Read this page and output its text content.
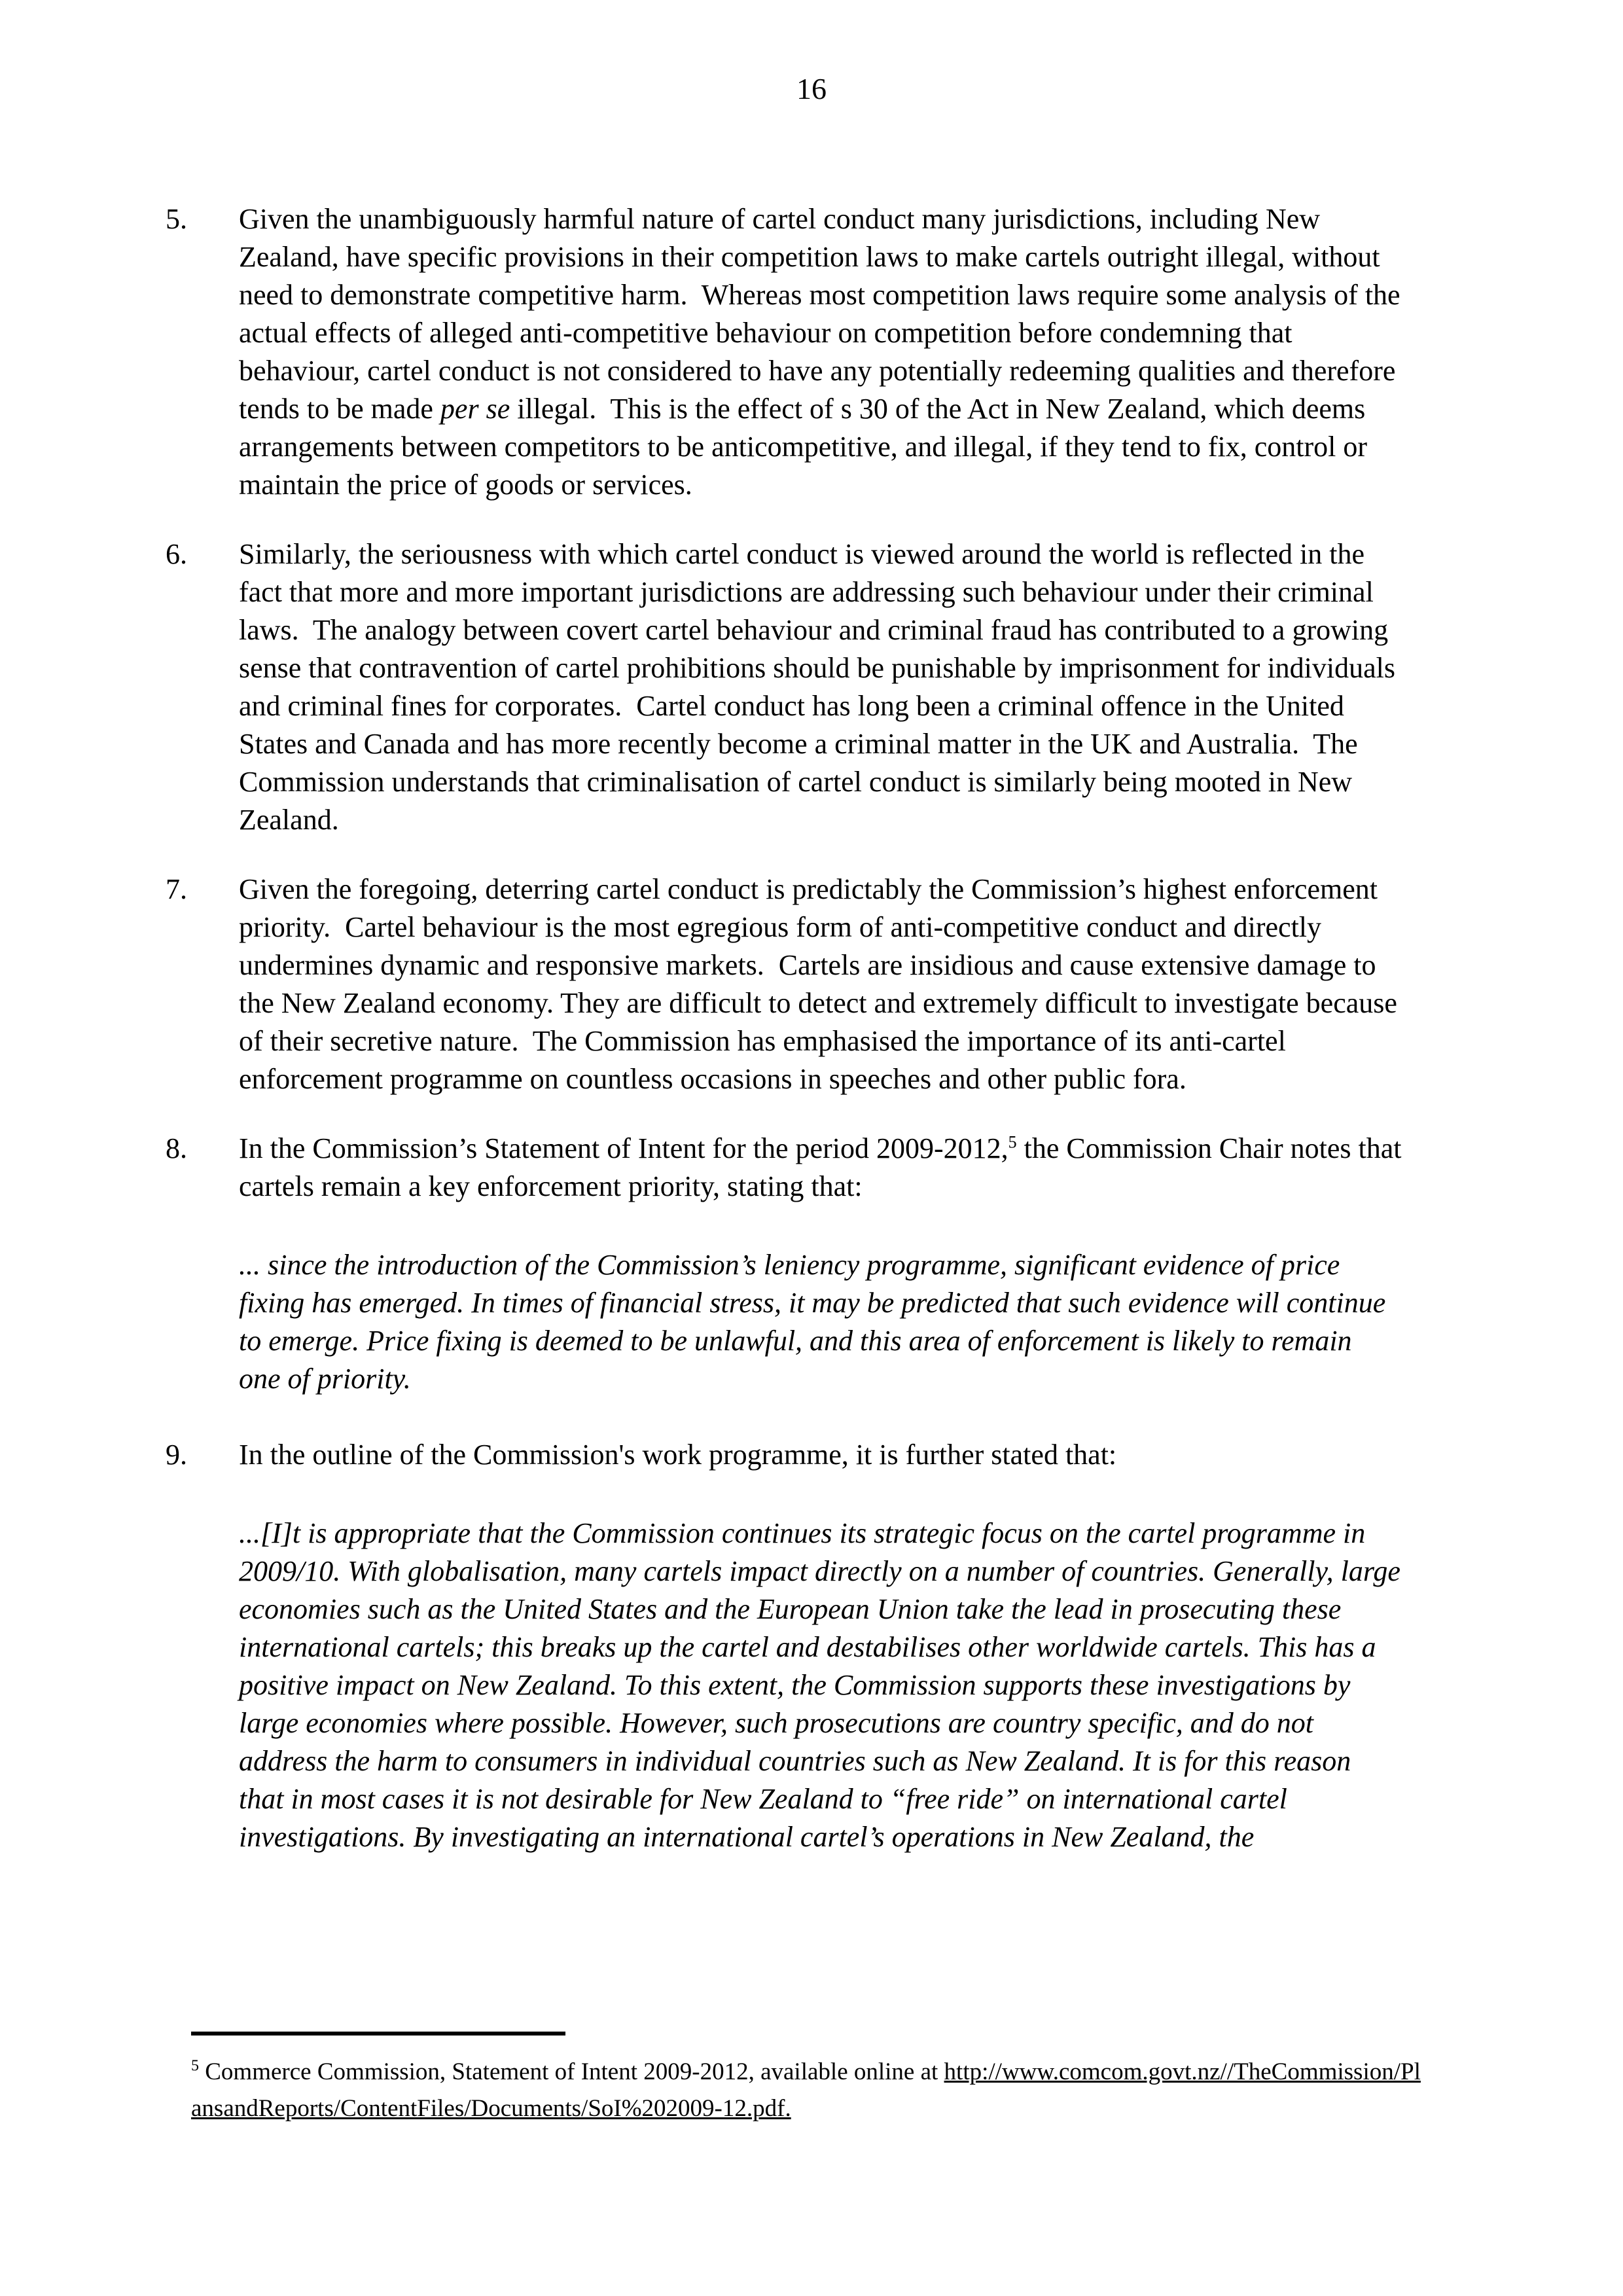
16
5.	Given the unambiguously harmful nature of cartel conduct many jurisdictions, including New Zealand, have specific provisions in their competition laws to make cartels outright illegal, without need to demonstrate competitive harm.  Whereas most competition laws require some analysis of the actual effects of alleged anti-competitive behaviour on competition before condemning that behaviour, cartel conduct is not considered to have any potentially redeeming qualities and therefore tends to be made per se illegal.  This is the effect of s 30 of the Act in New Zealand, which deems arrangements between competitors to be anticompetitive, and illegal, if they tend to fix, control or maintain the price of goods or services.
6.	Similarly, the seriousness with which cartel conduct is viewed around the world is reflected in the fact that more and more important jurisdictions are addressing such behaviour under their criminal laws.  The analogy between covert cartel behaviour and criminal fraud has contributed to a growing sense that contravention of cartel prohibitions should be punishable by imprisonment for individuals and criminal fines for corporates.  Cartel conduct has long been a criminal offence in the United States and Canada and has more recently become a criminal matter in the UK and Australia.  The Commission understands that criminalisation of cartel conduct is similarly being mooted in New Zealand.
7.	Given the foregoing, deterring cartel conduct is predictably the Commission’s highest enforcement priority.  Cartel behaviour is the most egregious form of anti-competitive conduct and directly undermines dynamic and responsive markets.  Cartels are insidious and cause extensive damage to the New Zealand economy. They are difficult to detect and extremely difficult to investigate because of their secretive nature.  The Commission has emphasised the importance of its anti-cartel enforcement programme on countless occasions in speeches and other public fora.
8.	In the Commission’s Statement of Intent for the period 2009-2012,$^5$ the Commission Chair notes that cartels remain a key enforcement priority, stating that:
... since the introduction of the Commission’s leniency programme, significant evidence of price fixing has emerged. In times of financial stress, it may be predicted that such evidence will continue to emerge. Price fixing is deemed to be unlawful, and this area of enforcement is likely to remain one of priority.
9.	In the outline of the Commission's work programme, it is further stated that:
...[I]t is appropriate that the Commission continues its strategic focus on the cartel programme in 2009/10. With globalisation, many cartels impact directly on a number of countries. Generally, large economies such as the United States and the European Union take the lead in prosecuting these international cartels; this breaks up the cartel and destabilises other worldwide cartels. This has a positive impact on New Zealand. To this extent, the Commission supports these investigations by large economies where possible. However, such prosecutions are country specific, and do not address the harm to consumers in individual countries such as New Zealand. It is for this reason that in most cases it is not desirable for New Zealand to “free ride” on international cartel investigations. By investigating an international cartel’s operations in New Zealand, the
$^5$ Commerce Commission, Statement of Intent 2009-2012, available online at http://www.comcom.govt.nz//TheCommission/PlansandReports/ContentFiles/Documents/SoI%202009-12.pdf.
